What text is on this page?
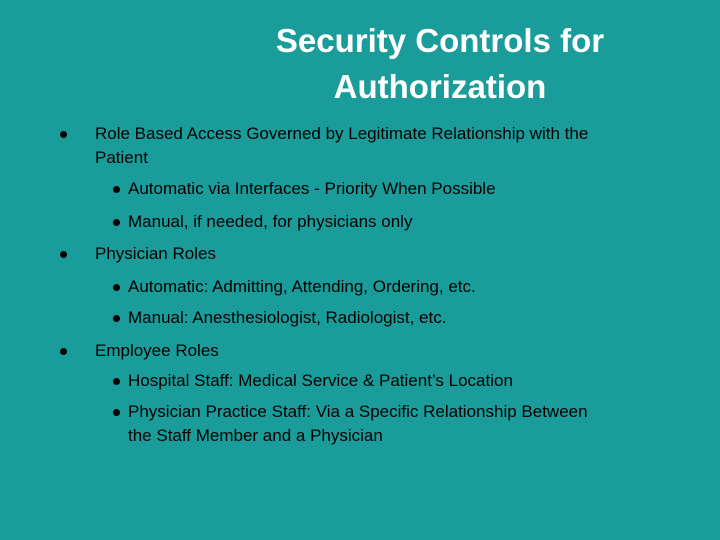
Security Controls for
Authorization
Role Based Access Governed by Legitimate Relationship with the
Patient
Automatic via Interfaces - Priority When Possible
Manual, if needed, for physicians only
Physician Roles
Automatic: Admitting, Attending, Ordering, etc.
Manual: Anesthesiologist, Radiologist, etc.
Employee Roles
Hospital Staff: Medical Service & Patient’s Location
Physician Practice Staff: Via a Specific Relationship Between
the Staff Member and a Physician
